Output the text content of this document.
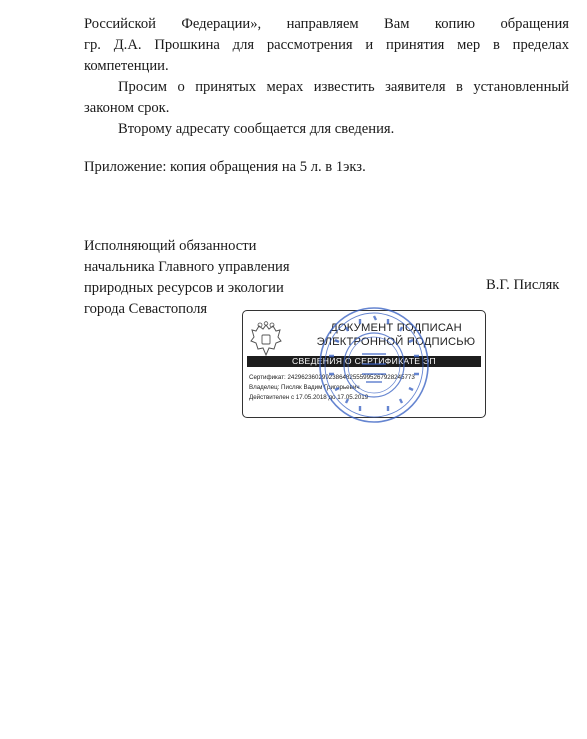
Российской Федерации», направляем Вам копию обращения
гр. Д.А. Прошкина для рассмотрения и принятия мер в пределах
компетенции.
Просим о принятых мерах известить заявителя в установленный
законом срок.
Второму адресату сообщается для сведения.
Приложение: копия обращения на 5 л. в 1экз.
Исполняющий обязанности
начальника Главного управления
природных ресурсов и экологии
города Севастополя
В.Г. Писляк
ДОКУМЕНТ ПОДПИСАН
ЭЛЕКТРОННОЙ ПОДПИСЬЮ
СВЕДЕНИЯ О СЕРТИФИКАТЕ ЭП
Сертификат: 2429623602992386482555995267928245773
Владелец: Писляк Вадим Григорьевич
Действителен с 17.05.2018 до 17.05.2019
